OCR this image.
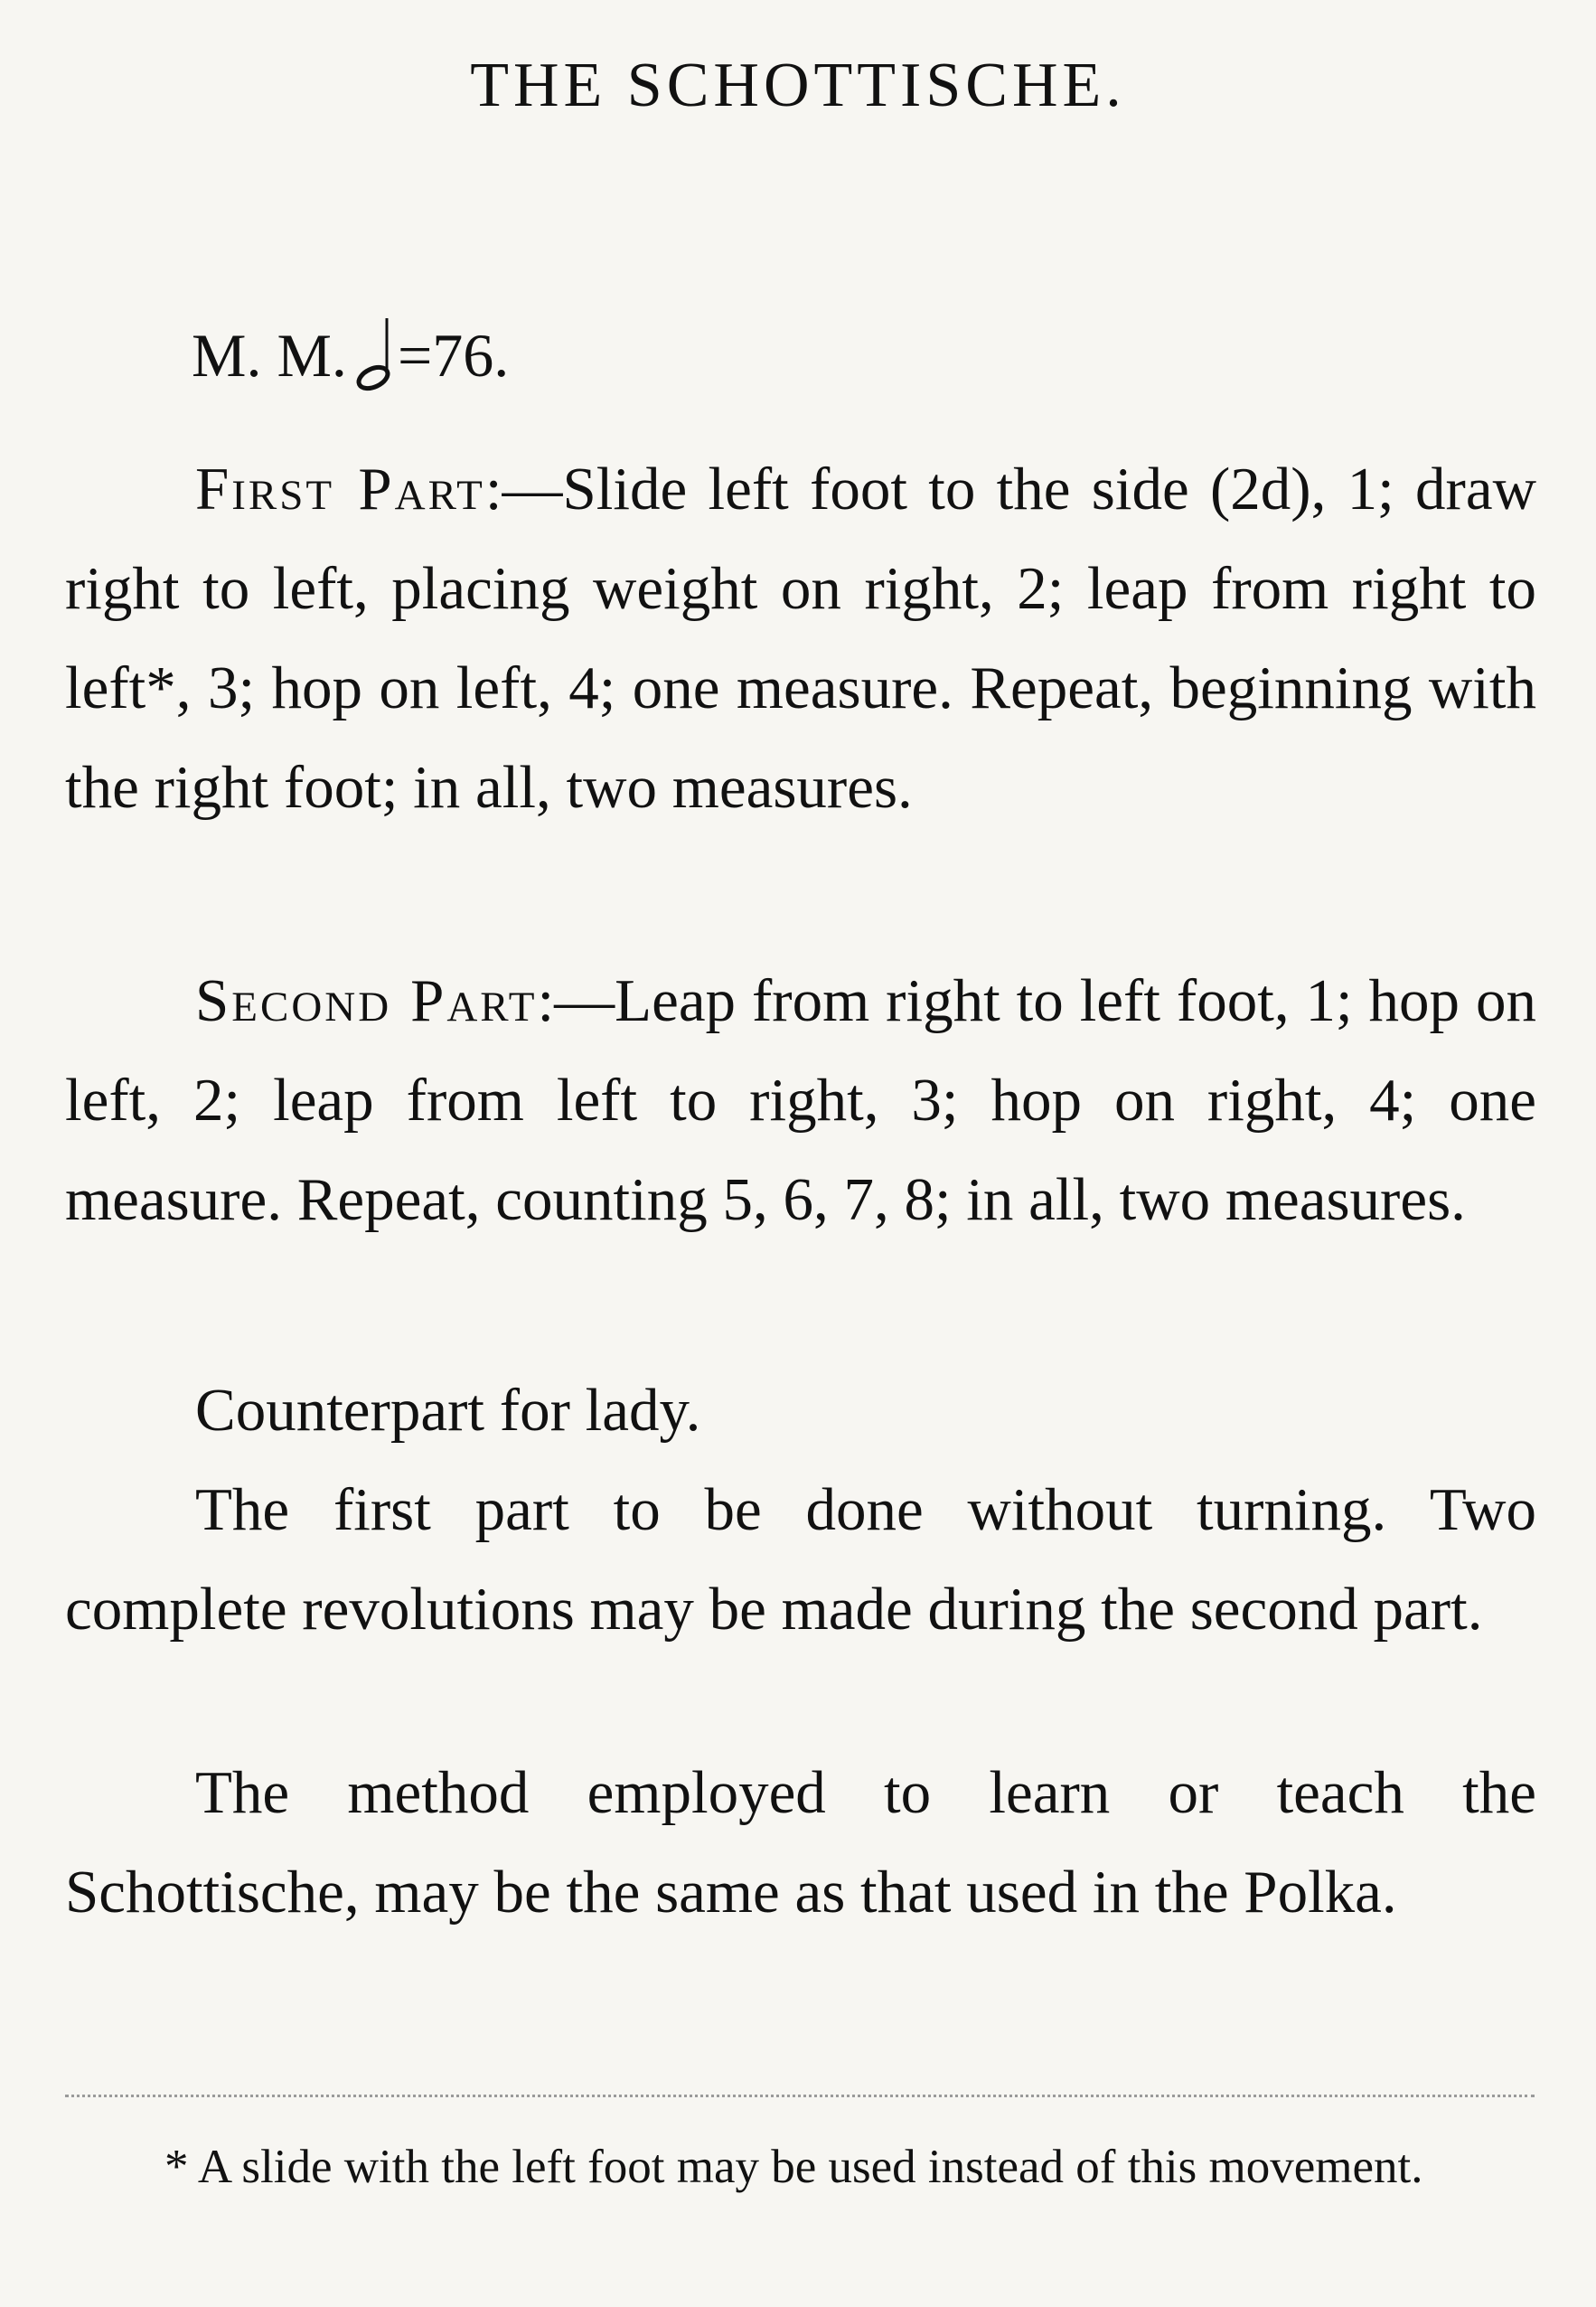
THE SCHOTTISCHE.

M. M. =76.

First Part:—Slide left foot to the side (2d), 1; draw right to left, placing weight on right, 2; leap from right to left*, 3; hop on left, 4; one measure. Repeat, beginning with the right foot; in all, two measures.

Second Part:—Leap from right to left foot, 1; hop on left, 2; leap from left to right, 3; hop on right, 4; one measure. Repeat, counting 5, 6, 7, 8; in all, two measures.

Counterpart for lady.

The first part to be done without turning. Two complete revolutions may be made during the second part.

The method employed to learn or teach the Schottische, may be the same as that used in the Polka.

* A slide with the left foot may be used instead of this movement.
